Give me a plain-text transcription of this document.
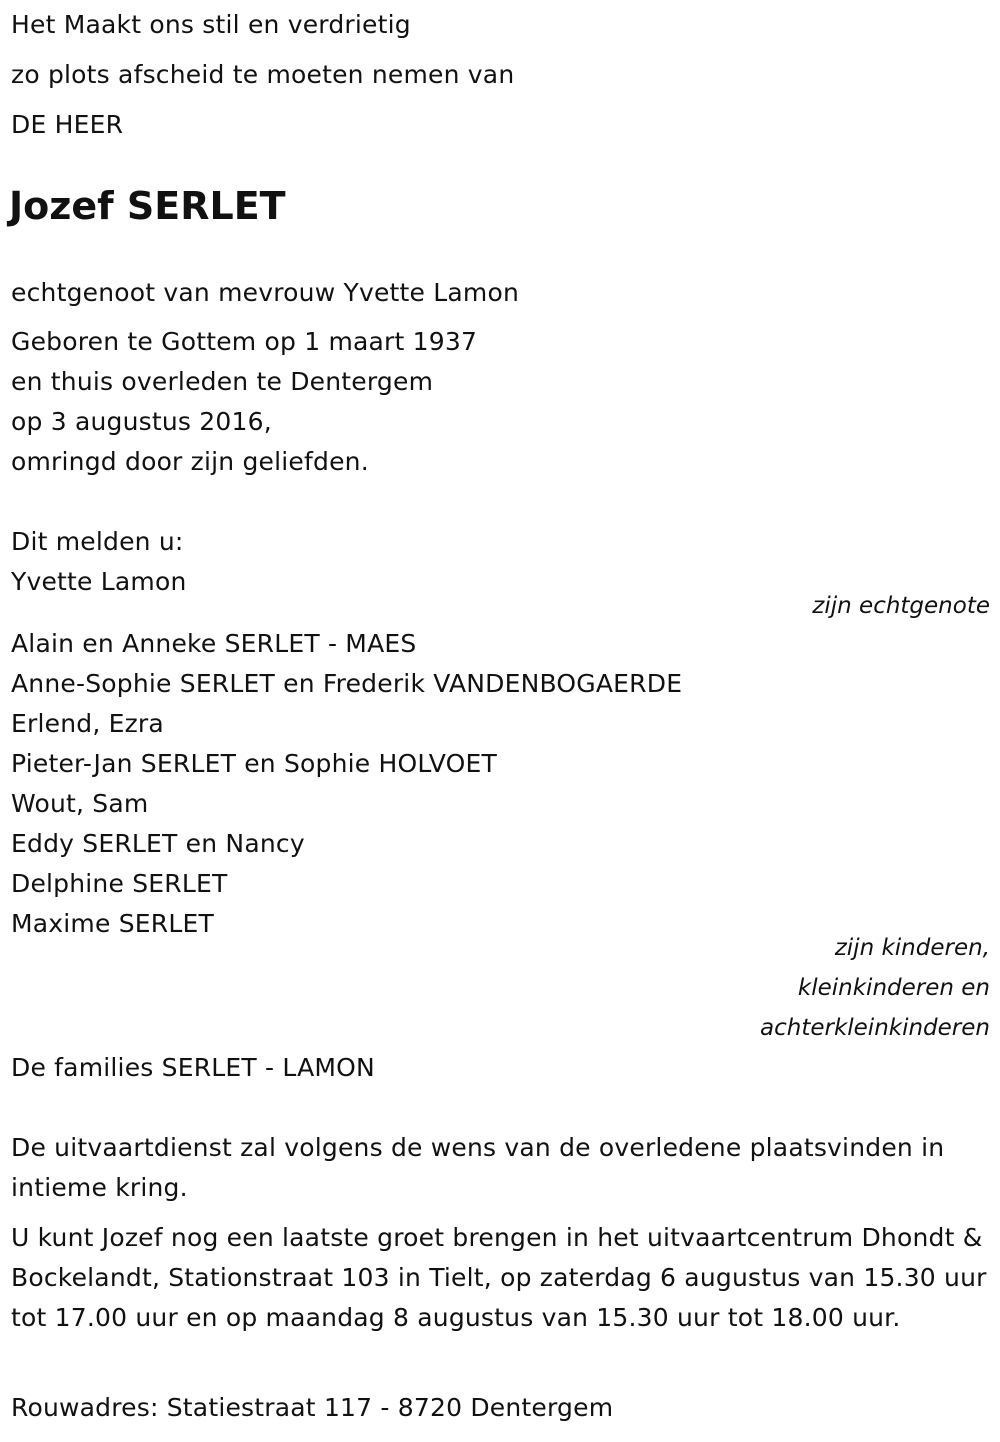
Het Maakt ons stil en verdrietig
zo plots afscheid te moeten nemen van
DE HEER
Jozef SERLET
echtgenoot van mevrouw Yvette Lamon
Geboren te Gottem op 1 maart 1937
en thuis overleden te Dentergem
op 3 augustus 2016,
omringd door zijn geliefden.
Dit melden u:
Yvette Lamon
zijn echtgenote
Alain en Anneke SERLET - MAES
Anne-Sophie SERLET en Frederik VANDENBOGAERDE
Erlend, Ezra
Pieter-Jan SERLET en Sophie HOLVOET
Wout, Sam
Eddy SERLET en Nancy
Delphine SERLET
Maxime SERLET
zijn kinderen,
kleinkinderen en
achterkleinkinderen
De families SERLET - LAMON
De uitvaartdienst zal volgens de wens van de overledene plaatsvinden in intieme kring.
U kunt Jozef nog een laatste groet brengen in het uitvaartcentrum Dhondt & Bockelandt, Stationstraat 103 in Tielt, op zaterdag 6 augustus van 15.30 uur tot 17.00 uur en op maandag 8 augustus van 15.30 uur tot 18.00 uur.
Rouwadres: Statiestraat 117 - 8720 Dentergem
